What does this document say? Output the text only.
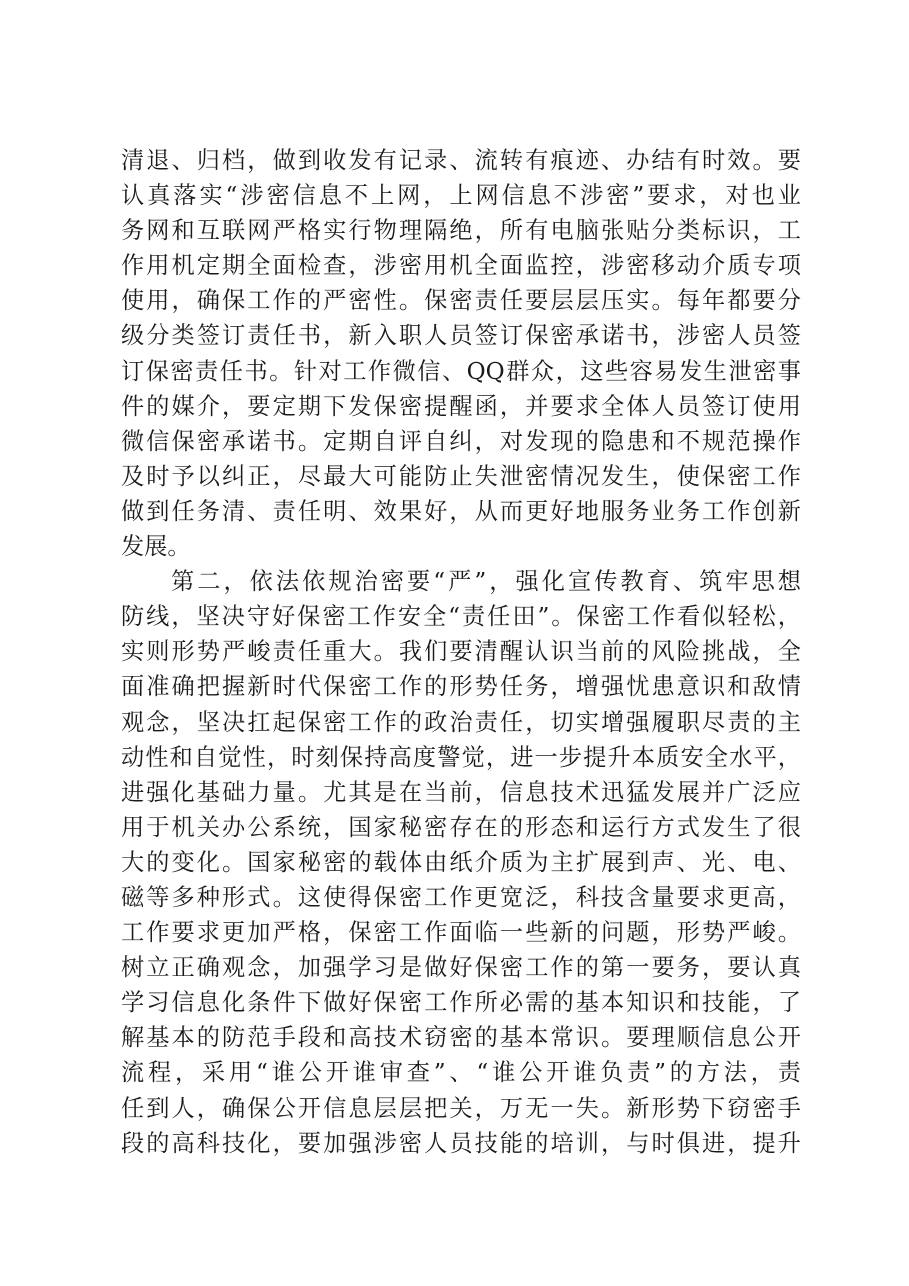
清退、归档，做到收发有记录、流转有痕迹、办结有时效。要
认真落实“涉密信息不上网，上网信息不涉密”要求，对也业
务网和互联网严格实行物理隔绝，所有电脑张贴分类标识，工
作用机定期全面检查，涉密用机全面监控，涉密移动介质专项
使用，确保工作的严密性。保密责任要层层压实。每年都要分
级分类签订责任书，新入职人员签订保密承诺书，涉密人员签
订保密责任书。针对工作微信、QQ群众，这些容易发生泄密事
件的媒介，要定期下发保密提醒函，并要求全体人员签订使用
微信保密承诺书。定期自评自纠，对发现的隐患和不规范操作
及时予以纠正，尽最大可能防止失泄密情况发生，使保密工作
做到任务清、责任明、效果好，从而更好地服务业务工作创新
发展。
第二，依法依规治密要“严”，强化宣传教育、筑牢思想
防线，坚决守好保密工作安全“责任田”。保密工作看似轻松，
实则形势严峻责任重大。我们要清醒认识当前的风险挑战，全
面准确把握新时代保密工作的形势任务，增强忧患意识和敌情
观念，坚决扛起保密工作的政治责任，切实增强履职尽责的主
动性和自觉性，时刻保持高度警觉，进一步提升本质安全水平，
进强化基础力量。尤其是在当前，信息技术迅猛发展并广泛应
用于机关办公系统，国家秘密存在的形态和运行方式发生了很
大的变化。国家秘密的载体由纸介质为主扩展到声、光、电、
磁等多种形式。这使得保密工作更宽泛，科技含量要求更高，
工作要求更加严格，保密工作面临一些新的问题，形势严峻。
树立正确观念，加强学习是做好保密工作的第一要务，要认真
学习信息化条件下做好保密工作所必需的基本知识和技能，了
解基本的防范手段和高技术窃密的基本常识。要理顺信息公开
流程，采用“谁公开谁审查”、“谁公开谁负责”的方法，责
任到人，确保公开信息层层把关，万无一失。新形势下窃密手
段的高科技化，要加强涉密人员技能的培训，与时俱进，提升
